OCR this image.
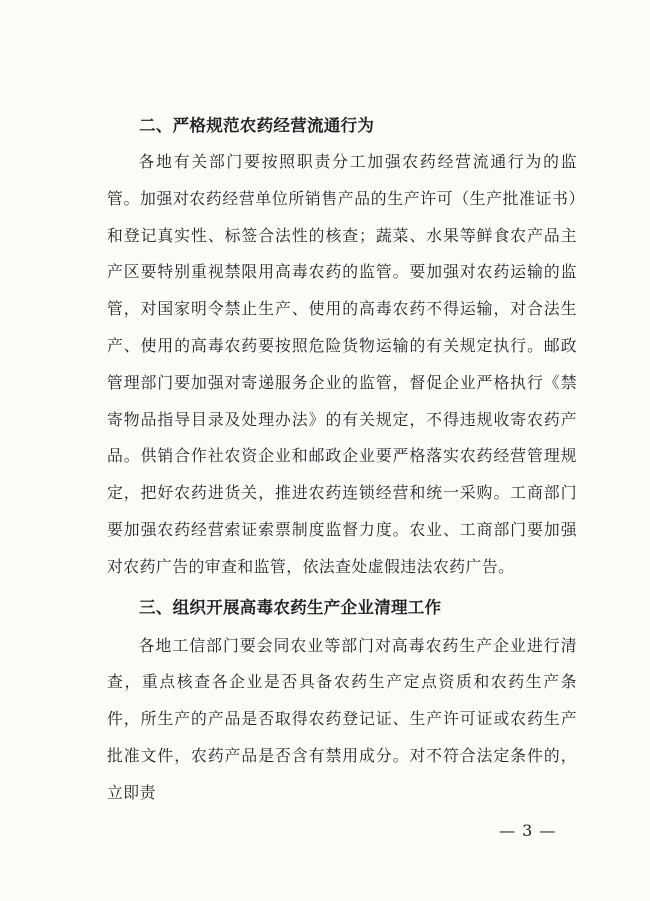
二、严格规范农药经营流通行为

各地有关部门要按照职责分工加强农药经营流通行为的监管。加强对农药经营单位所销售产品的生产许可（生产批准证书）和登记真实性、标签合法性的核查；蔬菜、水果等鲜食农产品主产区要特别重视禁限用高毒农药的监管。要加强对农药运输的监管，对国家明令禁止生产、使用的高毒农药不得运输，对合法生产、使用的高毒农药要按照危险货物运输的有关规定执行。邮政管理部门要加强对寄递服务企业的监管，督促企业严格执行《禁寄物品指导目录及处理办法》的有关规定，不得违规收寄农药产品。供销合作社农资企业和邮政企业要严格落实农药经营管理规定，把好农药进货关，推进农药连锁经营和统一采购。工商部门要加强农药经营索证索票制度监督力度。农业、工商部门要加强对农药广告的审查和监管，依法查处虚假违法农药广告。

三、组织开展高毒农药生产企业清理工作

各地工信部门要会同农业等部门对高毒农药生产企业进行清查，重点核查各企业是否具备农药生产定点资质和农药生产条件，所生产的产品是否取得农药登记证、生产许可证或农药生产批准文件，农药产品是否含有禁用成分。对不符合法定条件的，立即责

— 3 —
